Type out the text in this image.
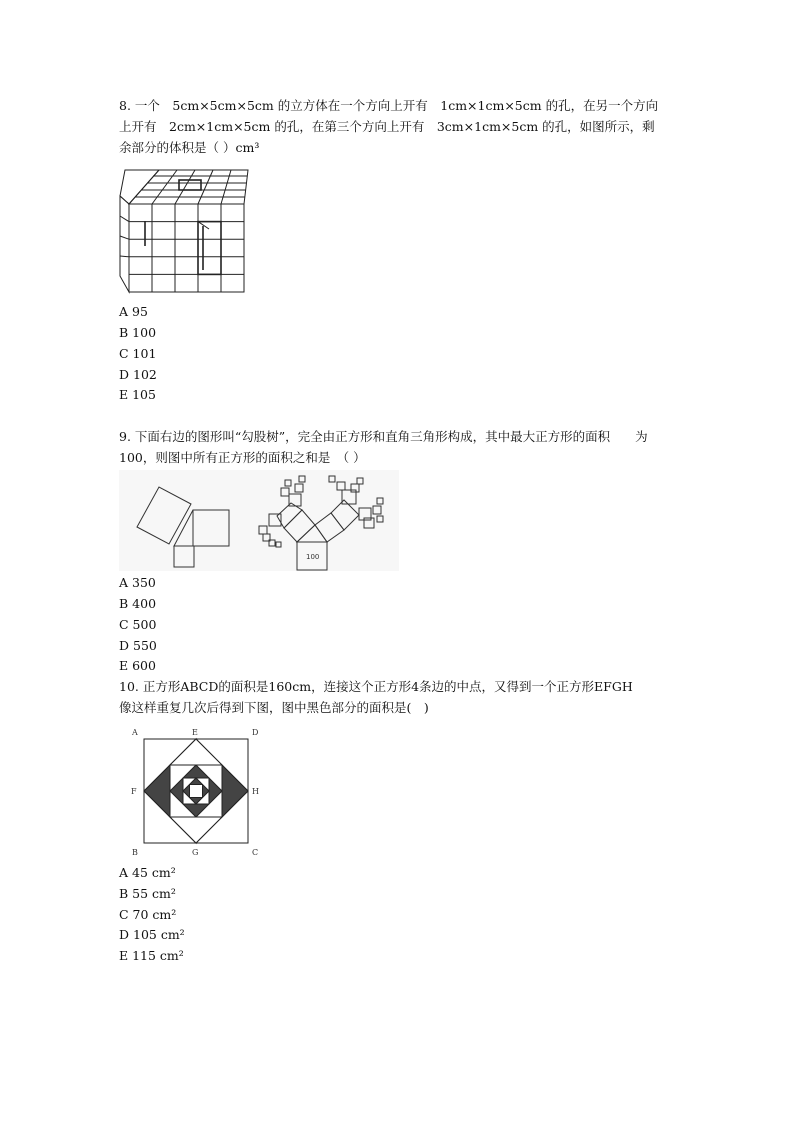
8. 一个　5cm×5cm×5cm 的立方体在一个方向上开有　1cm×1cm×5cm 的孔，在另一个方向
上开有　2cm×1cm×5cm 的孔，在第三个方向上开有　3cm×1cm×5cm 的孔，如图所示，剩
余部分的体积是（ ）cm³
A 95
B 100
C 101
D 102
E 105
9. 下面右边的图形叫“勾股树”，完全由正方形和直角三角形构成，其中最大正方形的面积　　为
100，则图中所有正方形的面积之和是　（ ）
100
A 350
B 400
C 500
D 550
E 600
10. 正方形ABCD的面积是160cm，连接这个正方形4条边的中点，又得到一个正方形EFGH
像这样重复几次后得到下图，图中黑色部分的面积是(　)
A	E	D
F	H
B	G	C
A 45 cm²
B 55 cm²
C 70 cm²
D 105 cm²
E 115 cm²
